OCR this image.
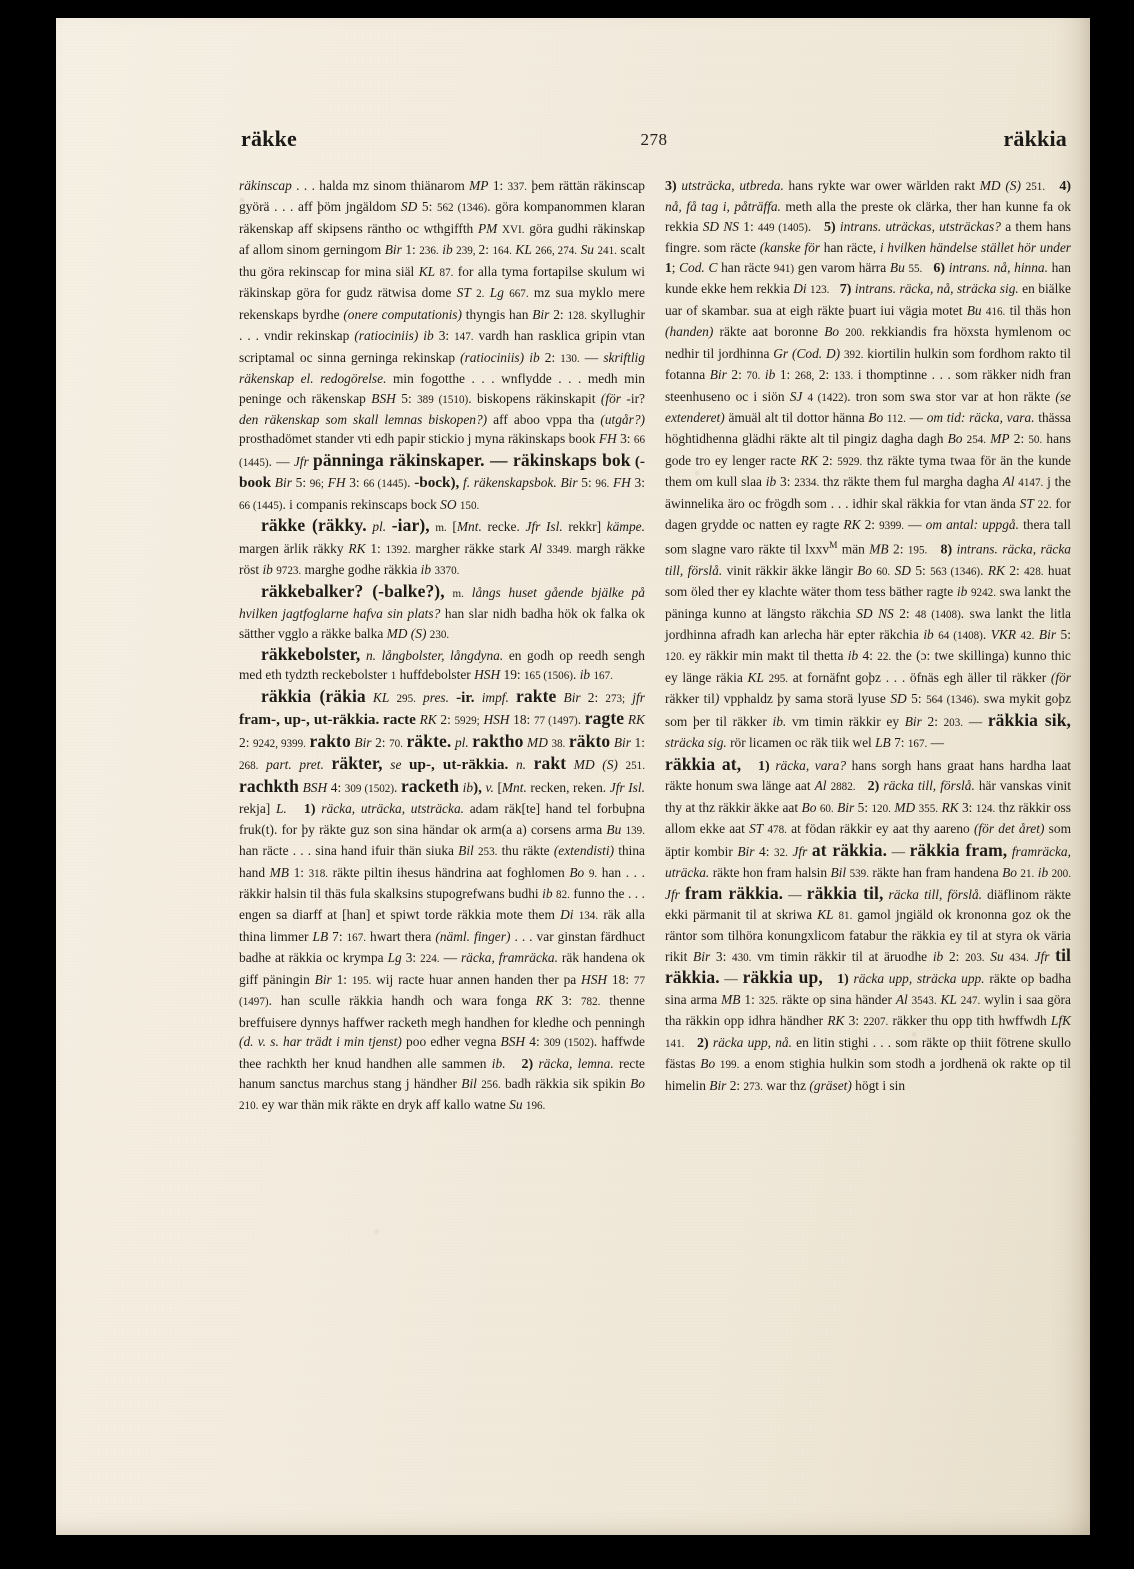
räkke	278	räkkia

räkinscap . . . halda mz sinom thiänarom MP 1: 337. þem rättän räkinscap györä . . . aff þöm jngäldom SD 5: 562 (1346). göra kompanommen klaran räkenskap aff skipsens räntho oc wthgiffth PM XVI. göra gudhi räkinskap af allom sinom gerningom Bir 1: 236. ib 239, 2: 164. KL 266, 274. Su 241. scalt thu göra rekinscap for mina siäl KL 87. for alla tyma fortapilse skulum wi räkinskap göra for gudz rätwisa dome ST 2. Lg 667. mz sua myklo mere rekenskaps byrdhe (onere computationis) thyngis han Bir 2: 128. skyllughir . . . vndir rekinskap (ratiociniis) ib 3: 147. vardh han rasklica gripin vtan scriptamal oc sinna gerninga rekinskap (ratiociniis) ib 2: 130. — skriftlig räkenskap el. redogörelse. min fogotthe . . . wnflydde . . . medh min peninge och räkenskap BSH 5: 389 (1510). biskopens räkinskapit (för -ir? den räkenskap som skall lemnas biskopen?) aff aboo vppa tha (utgår?) prosthadömet stander vti edh papir stickio j myna räkinskaps book FH 3: 66 (1445). — Jfr pänninga räkinskaper. — räkinskaps bok (-book Bir 5: 96; FH 3: 66 (1445). -bock), f. räkenskapsbok. Bir 5: 96. FH 3: 66 (1445). i companis rekinscaps bock SO 150.

räkke (räkky. pl. -iar), m. [Mnt. recke. Jfr Isl. rekkr] kämpe. margen ärlik räkky RK 1: 1392. margher räkke stark Al 3349. margh räkke röst ib 9723. marghe godhe räkkia ib 3370.

räkkebalker? (-balke?), m. långs huset gående bjälke på hvilken jagtfoglarne hafva sin plats? han slar nidh badha hök ok falka ok sätther vgglo a räkke balka MD (S) 230.

räkkebolster, n. långbolster, långdyna. en godh op reedh sengh med eth tydzth reckebolster 1 huffdebolster HSH 19: 165 (1506). ib 167.

räkkia (räkia KL 295. pres. -ir. impf. rakte Bir 2: 273; jfr fram-, up-, ut-räkkia. racte RK 2: 5929; HSH 18: 77 (1497). ragte RK 2: 9242, 9399. rakto Bir 2: 70. räkte. pl. raktho MD 38. räkto Bir 1: 268. part. pret. räkter, se up-, ut-räkkia. n. rakt MD (S) 251. rachkth BSH 4: 309 (1502). racketh ib), v. [Mnt. recken, reken. Jfr Isl. rekja] L. 1) räcka, uträcka, utsträcka. adam räk[te] hand tel forbuþna fruk(t). for þy räkte guz son sina händar ok arm(a a) corsens arma Bu 139. han räcte . . . sina hand ifuir thän siuka Bil 253. thu räkte (extendisti) thina hand MB 1: 318. räkte piltin ihesus händrina aat foghlomen Bo 9. han . . . räkkir halsin til thäs fula skalksins stupogrefwans budhi ib 82. funno the . . . engen sa diarff at [han] et spiwt torde räkkia mote them Di 134. räk alla thina limmer LB 7: 167. hwart thera (näml. finger) . . . var ginstan färdhuct badhe at räkkia oc krympa Lg 3: 224. — räcka, framräcka. räk handena ok giff päningin Bir 1: 195. wij racte huar annen handen ther pa HSH 18: 77 (1497). han sculle räkkia handh och wara fonga RK 3: 782. thenne breffuisere dynnys haffwer racketh megh handhen for kledhe och penningh (d. v. s. har trädt i min tjenst) poo edher vegna BSH 4: 309 (1502). haffwde thee rachkth her knud handhen alle sammen ib. 2) räcka, lemna. recte hanum sanctus marchus stang j händher Bil 256. badh räkkia sik spikin Bo 210. ey war thän mik räkte en dryk aff kallo watne Su 196.

3) utsträcka, utbreda. hans rykte war ower wärlden rakt MD (S) 251. 4) nå, få tag i, påträffa. meth alla the preste ok clärka, ther han kunne fa ok rekkia SD NS 1: 449 (1405).   5) intrans. uträckas, utsträckas? a them hans fingre. som räcte (kanske för han räcte, i hvilken händelse stället hör under 1; Cod. C han räcte 941) gen varom härra Bu 55. 6) intrans. nå, hinna. han kunde ekke hem rekkia Di 123. 7) intrans. räcka, nå, sträcka sig. en biälke uar of skambar. sua at eigh räkte þuart iui vägia motet Bu 416. til thäs hon (handen) räkte aat boronne Bo 200. rekkiandis fra höxsta hymlenom oc nedhir til jordhinna Gr (Cod. D) 392. kiortilin hulkin som fordhom rakto til fotanna Bir 2: 70. ib 1: 268, 2: 133. i thomptinne . . . som räkker nidh fran steenhuseno oc i siön SJ 4 (1422). tron som swa stor var at hon räkte (se extenderet) ämuäl alt til dottor hänna Bo 112. — om tid: räcka, vara. thässa höghtidhenna glädhi räkte alt til pingiz dagha dagh Bo 254. MP 2: 50. hans gode tro ey lenger racte RK 2: 5929. thz räkte tyma twaa för än the kunde them om kull slaa ib 3: 2334. thz räkte them ful margha dagha Al 4147. j the äwinnelika äro oc frögdh som . . . idhir skal räkkia for vtan ända ST 22. for dagen grydde oc natten ey ragte RK 2: 9399. — om antal: uppgå. thera tall som slagne varo räkte til lxxv$^M$ män MB 2: 195. 8) intrans. räcka, räcka till, förslå. vinit räkkir äkke längir Bo 60. SD 5: 563 (1346). RK 2: 428. huat som öled ther ey klachte wäter thom tess bäther ragte ib 9242. swa lankt the päninga kunno at längsto räkchia SD NS 2: 48 (1408). swa lankt the litla jordhinna afradh kan arlecha här epter räkchia ib 64 (1408). VKR 42. Bir 5: 120. ey räkkir min makt til thetta ib 4: 22. the (ɔ: twe skillinga) kunno thic ey länge räkia KL 295. at fornäfnt goþz . . . öfnäs egh äller til räkker (för räkker til) vpphaldz þy sama storä lyuse SD 5: 564 (1346). swa mykit goþz som þer til räkker ib. vm timin räkkir ey Bir 2: 203. — räkkia sik, sträcka sig. rör licamen oc räk tiik wel LB 7: 167. —

räkkia at, 1) räcka, vara? hans sorgh hans graat hans hardha laat räkte honum swa länge aat Al 2882. 2) räcka till, förslå. här vanskas vinit thy at thz räkkir äkke aat Bo 60. Bir 5: 120. MD 355. RK 3: 124. thz räkkir oss allom ekke aat ST 478. at födan räkkir ey aat thy aareno (för det året) som äptir kombir Bir 4: 32. Jfr at räkkia. — räkkia fram, framräcka, uträcka. räkte hon fram halsin Bil 539. räkte han fram handena Bo 21. ib 200. Jfr fram räkkia. — räkkia til, räcka till, förslå. diäflinom räkte ekki pärmanit til at skriwa KL 81. gamol jngiäld ok krononna goz ok the räntor som tilhöra konungxlicom fatabur the räkkia ey til at styra ok väria rikit Bir 3: 430. vm timin räkkir til at äruodhe ib 2: 203. Su 434. Jfr til räkkia. — räkkia up, 1) räcka upp, sträcka upp. räkte op badha sina arma MB 1: 325. räkte op sina händer Al 3543. KL 247. wylin i saa göra tha räkkin opp idhra händher RK 3: 2207. räkker thu opp tith hwffwdh LfK 141. 2) räcka upp, nå. en litin stighi . . . som räkte op thiit fötrene skullo fästas Bo 199. a enom stighia hulkin som stodh a jordhenä ok rakte op til himelin Bir 2: 273. war thz (gräset) högt i sin
